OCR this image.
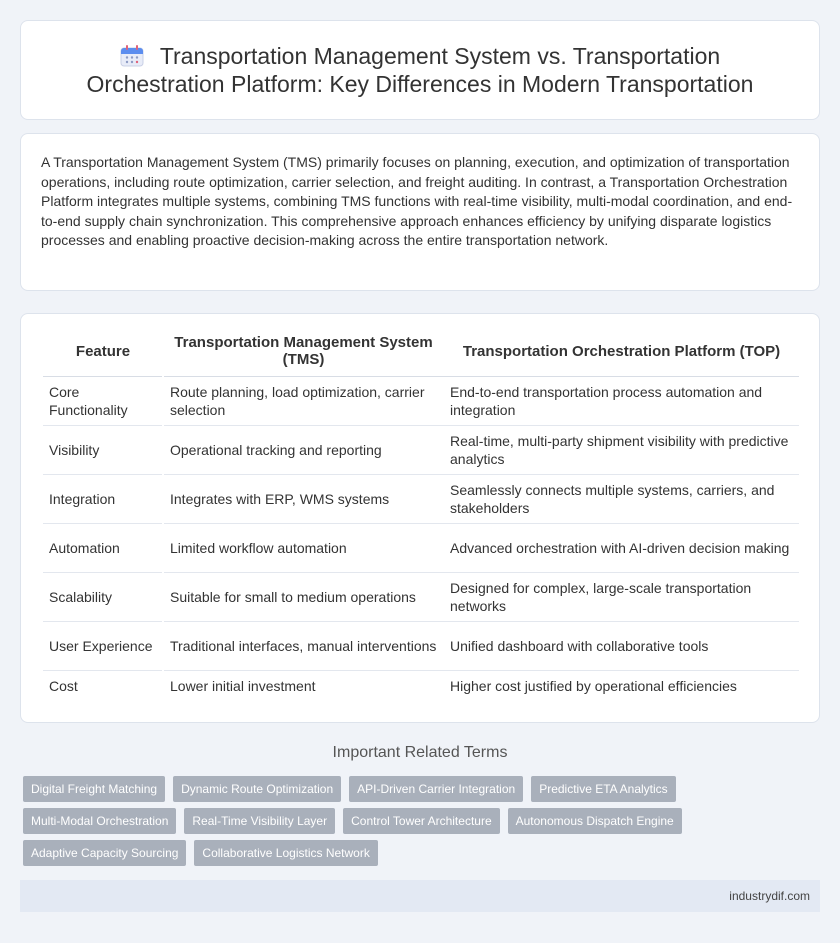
Transportation Management System vs. Transportation Orchestration Platform: Key Differences in Modern Transportation

A Transportation Management System (TMS) primarily focuses on planning, execution, and optimization of transportation operations, including route optimization, carrier selection, and freight auditing. In contrast, a Transportation Orchestration Platform integrates multiple systems, combining TMS functions with real-time visibility, multi-modal coordination, and end-to-end supply chain synchronization. This comprehensive approach enhances efficiency by unifying disparate logistics processes and enabling proactive decision-making across the entire transportation network.

Feature	Transportation Management System (TMS)	Transportation Orchestration Platform (TOP)
Core Functionality	Route planning, load optimization, carrier selection	End-to-end transportation process automation and integration
Visibility	Operational tracking and reporting	Real-time, multi-party shipment visibility with predictive analytics
Integration	Integrates with ERP, WMS systems	Seamlessly connects multiple systems, carriers, and stakeholders
Automation	Limited workflow automation	Advanced orchestration with AI-driven decision making
Scalability	Suitable for small to medium operations	Designed for complex, large-scale transportation networks
User Experience	Traditional interfaces, manual interventions	Unified dashboard with collaborative tools
Cost	Lower initial investment	Higher cost justified by operational efficiencies
Important Related Terms
Digital Freight Matching	Dynamic Route Optimization	API-Driven Carrier Integration	Predictive ETA Analytics
Multi-Modal Orchestration	Real-Time Visibility Layer	Control Tower Architecture	Autonomous Dispatch Engine
Adaptive Capacity Sourcing	Collaborative Logistics Network
industrydif.com
